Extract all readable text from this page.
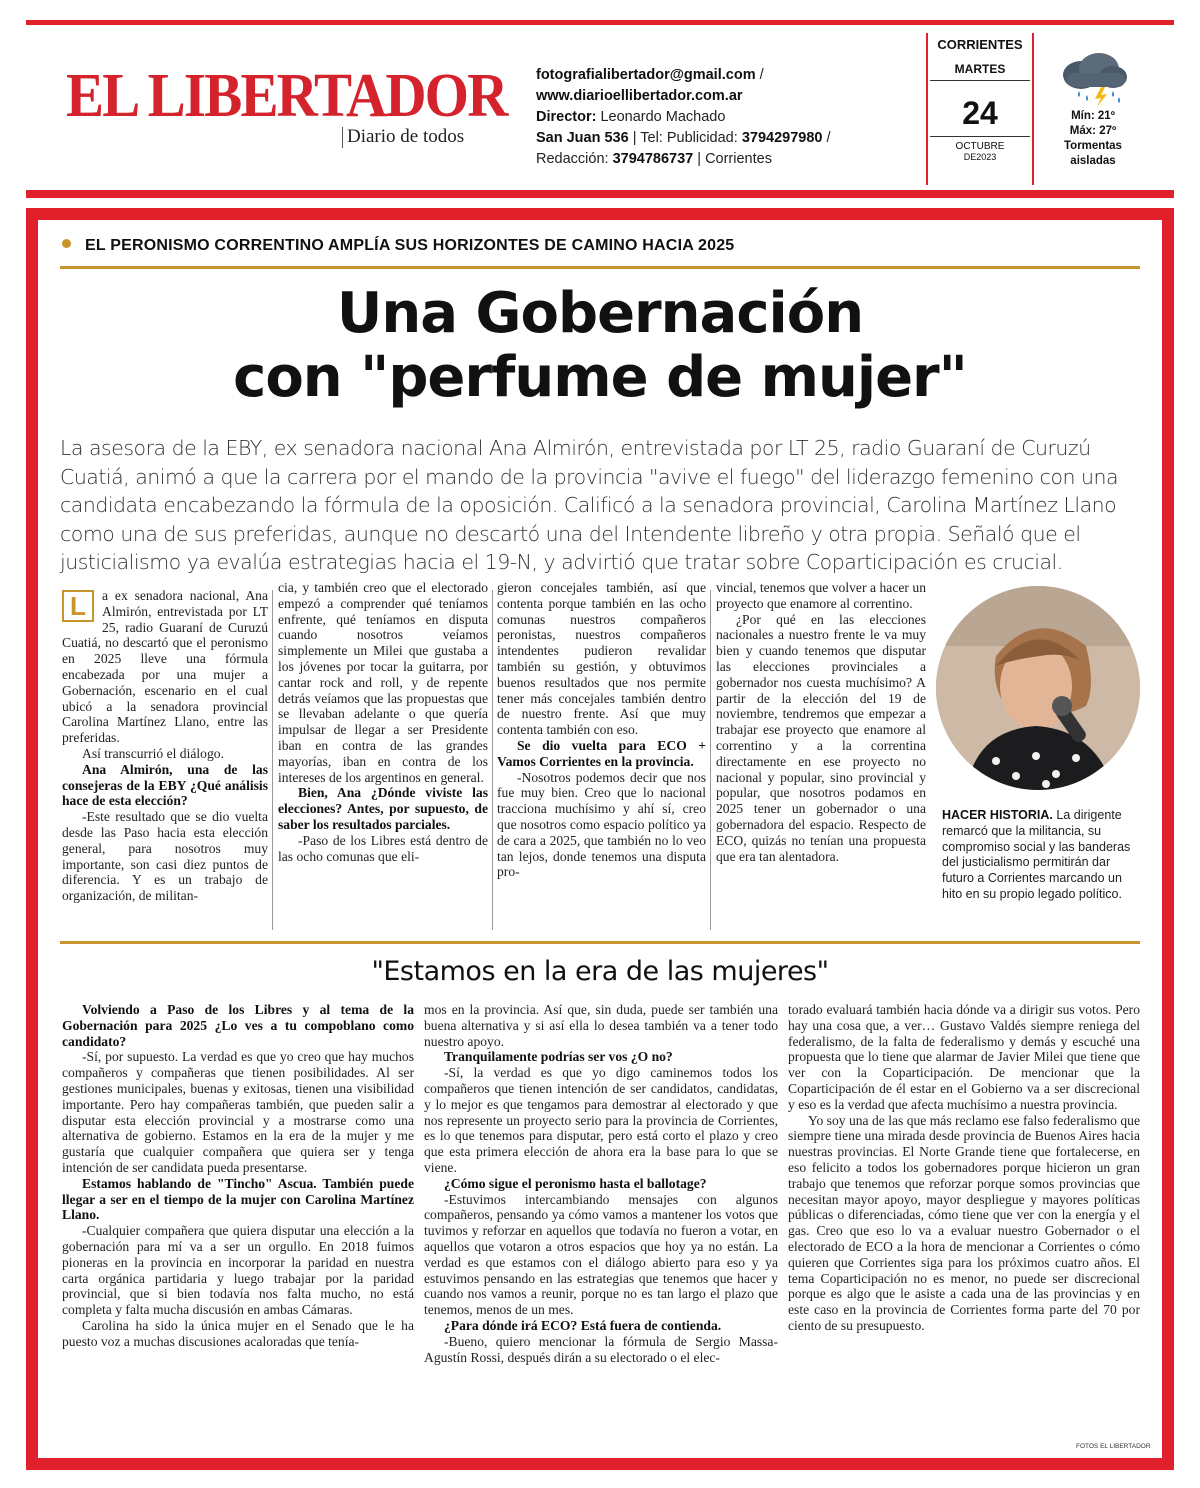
EL LIBERTADOR
Diario de todos
fotografialibertador@gmail.com /
www.diarioellibertador.com.ar
Director: Leonardo Machado
San Juan 536 | Tel: Publicidad: 3794297980 /
Redacción: 3794786737 | Corrientes
CORRIENTES
MARTES
24
OCTUBRE
DE2023
Mín: 21º
Máx: 27º
Tormentas
aisladas
EL PERONISMO CORRENTINO AMPLÍA SUS HORIZONTES DE CAMINO HACIA 2025
Una Gobernación
con "perfume de mujer"
La asesora de la EBY, ex senadora nacional Ana Almirón, entrevistada por LT 25, radio Guaraní de Curuzú Cuatiá, animó a que la carrera por el mando de la provincia "avive el fuego" del liderazgo femenino con una candidata encabezando la fórmula de la oposición. Calificó a la senadora provincial, Carolina Martínez Llano como una de sus preferidas, aunque no descartó una del Intendente libreño y otra propia. Señaló que el justicialismo ya evalúa estrategias hacia el 19-N, y advirtió que tratar sobre Coparticipación es crucial.
L	a ex senadora nacional, Ana Almirón, entrevistada por LT 25, radio Guaraní de Curuzú Cuatiá, no descartó que el peronismo en 2025 lleve una fórmula encabezada por una mujer a Gobernación, escenario en el cual ubicó a la senadora provincial Carolina Martínez Llano, entre las preferidas.

Así transcurrió el diálogo.

Ana Almirón, una de las consejeras de la EBY ¿Qué análisis hace de esta elección?

-Este resultado que se dio vuelta desde las Paso hacia esta elección general, para nosotros muy importante, son casi diez puntos de diferencia. Y es un trabajo de organización, de militan-

cia, y también creo que el electorado empezó a comprender qué teníamos enfrente, qué teníamos en disputa cuando nosotros veíamos simplemente un Milei que gustaba a los jóvenes por tocar la guitarra, por cantar rock and roll, y de repente detrás veíamos que las propuestas que se llevaban adelante o que quería impulsar de llegar a ser Presidente iban en contra de las grandes mayorías, iban en contra de los intereses de los argentinos en general.

Bien, Ana ¿Dónde viviste las elecciones? Antes, por supuesto, de saber los resultados parciales.

-Paso de los Libres está dentro de las ocho comunas que eli-

gieron concejales también, así que contenta porque también en las ocho comunas nuestros compañeros peronistas, nuestros compañeros intendentes pudieron revalidar también su gestión, y obtuvimos buenos resultados que nos permite tener más concejales también dentro de nuestro frente. Así que muy contenta también con eso.

Se dio vuelta para ECO + Vamos Corrientes en la provincia.

-Nosotros podemos decir que nos fue muy bien. Creo que lo nacional tracciona muchísimo y ahí sí, creo que nosotros como espacio político ya de cara a 2025, que también no lo veo tan lejos, donde tenemos una disputa pro-

vincial, tenemos que volver a hacer un proyecto que enamore al correntino.

¿Por qué en las elecciones nacionales a nuestro frente le va muy bien y cuando tenemos que disputar las elecciones provinciales a gobernador nos cuesta muchísimo? A partir de la elección del 19 de noviembre, tendremos que empezar a trabajar ese proyecto que enamore al correntino y a la correntina directamente en ese proyecto no nacional y popular, sino provincial y popular, que nosotros podamos en 2025 tener un gobernador o una gobernadora del espacio. Respecto de ECO, quizás no tenían una propuesta que era tan alentadora.

HACER HISTORIA. La dirigente remarcó que la militancia, su compromiso social y las banderas del justicialismo permitirán dar futuro a Corrientes marcando un hito en su propio legado político.
"Estamos en la era de las mujeres"

Volviendo a Paso de los Libres y al tema de la Gobernación para 2025 ¿Lo ves a tu compoblano como candidato?

-Sí, por supuesto. La verdad es que yo creo que hay muchos compañeros y compañeras que tienen posibilidades. Al ser gestiones municipales, buenas y exitosas, tienen una visibilidad importante. Pero hay compañeras también, que pueden salir a disputar esta elección provincial y a mostrarse como una alternativa de gobierno. Estamos en la era de la mujer y me gustaría que cualquier compañera que quiera ser y tenga intención de ser candidata pueda presentarse.

Estamos hablando de "Tincho" Ascua. También puede llegar a ser en el tiempo de la mujer con Carolina Martínez Llano.

-Cualquier compañera que quiera disputar una elección a la gobernación para mí va a ser un orgullo. En 2018 fuimos pioneras en la provincia en incorporar la paridad en nuestra carta orgánica partidaria y luego trabajar por la paridad provincial, que si bien todavía nos falta mucho, no está completa y falta mucha discusión en ambas Cámaras.

Carolina ha sido la única mujer en el Senado que le ha puesto voz a muchas discusiones acaloradas que tenía-

mos en la provincia. Así que, sin duda, puede ser también una buena alternativa y si así ella lo desea también va a tener todo nuestro apoyo.

Tranquilamente podrías ser vos ¿O no?

-Sí, la verdad es que yo digo caminemos todos los compañeros que tienen intención de ser candidatos, candidatas, y lo mejor es que tengamos para demostrar al electorado y que nos represente un proyecto serio para la provincia de Corrientes, es lo que tenemos para disputar, pero está corto el plazo y creo que esta primera elección de ahora era la base para lo que se viene.

¿Cómo sigue el peronismo hasta el ballotage?

-Estuvimos intercambiando mensajes con algunos compañeros, pensando ya cómo vamos a mantener los votos que tuvimos y reforzar en aquellos que todavía no fueron a votar, en aquellos que votaron a otros espacios que hoy ya no están. La verdad es que estamos con el diálogo abierto para eso y ya estuvimos pensando en las estrategias que tenemos que hacer y cuando nos vamos a reunir, porque no es tan largo el plazo que tenemos, menos de un mes.

¿Para dónde irá ECO? Está fuera de contienda.

-Bueno, quiero mencionar la fórmula de Sergio Massa-Agustín Rossi, después dirán a su electorado o el elec-

torado evaluará también hacia dónde va a dirigir sus votos. Pero hay una cosa que, a ver… Gustavo Valdés siempre reniega del federalismo, de la falta de federalismo y demás y escuché una propuesta que lo tiene que alarmar de Javier Milei que tiene que ver con la Coparticipación. De mencionar que la Coparticipación de él estar en el Gobierno va a ser discrecional y eso es la verdad que afecta muchísimo a nuestra provincia.

Yo soy una de las que más reclamo ese falso federalismo que siempre tiene una mirada desde provincia de Buenos Aires hacia nuestras provincias. El Norte Grande tiene que fortalecerse, en eso felicito a todos los gobernadores porque hicieron un gran trabajo que tenemos que reforzar porque somos provincias que necesitan mayor apoyo, mayor despliegue y mayores políticas públicas o diferenciadas, cómo tiene que ver con la energía y el gas. Creo que eso lo va a evaluar nuestro Gobernador o el electorado de ECO a la hora de mencionar a Corrientes o cómo quieren que Corrientes siga para los próximos cuatro años. El tema Coparticipación no es menor, no puede ser discrecional porque es algo que le asiste a cada una de las provincias y en este caso en la provincia de Corrientes forma parte del 70 por ciento de su presupuesto.

FOTOS EL LIBERTADOR
